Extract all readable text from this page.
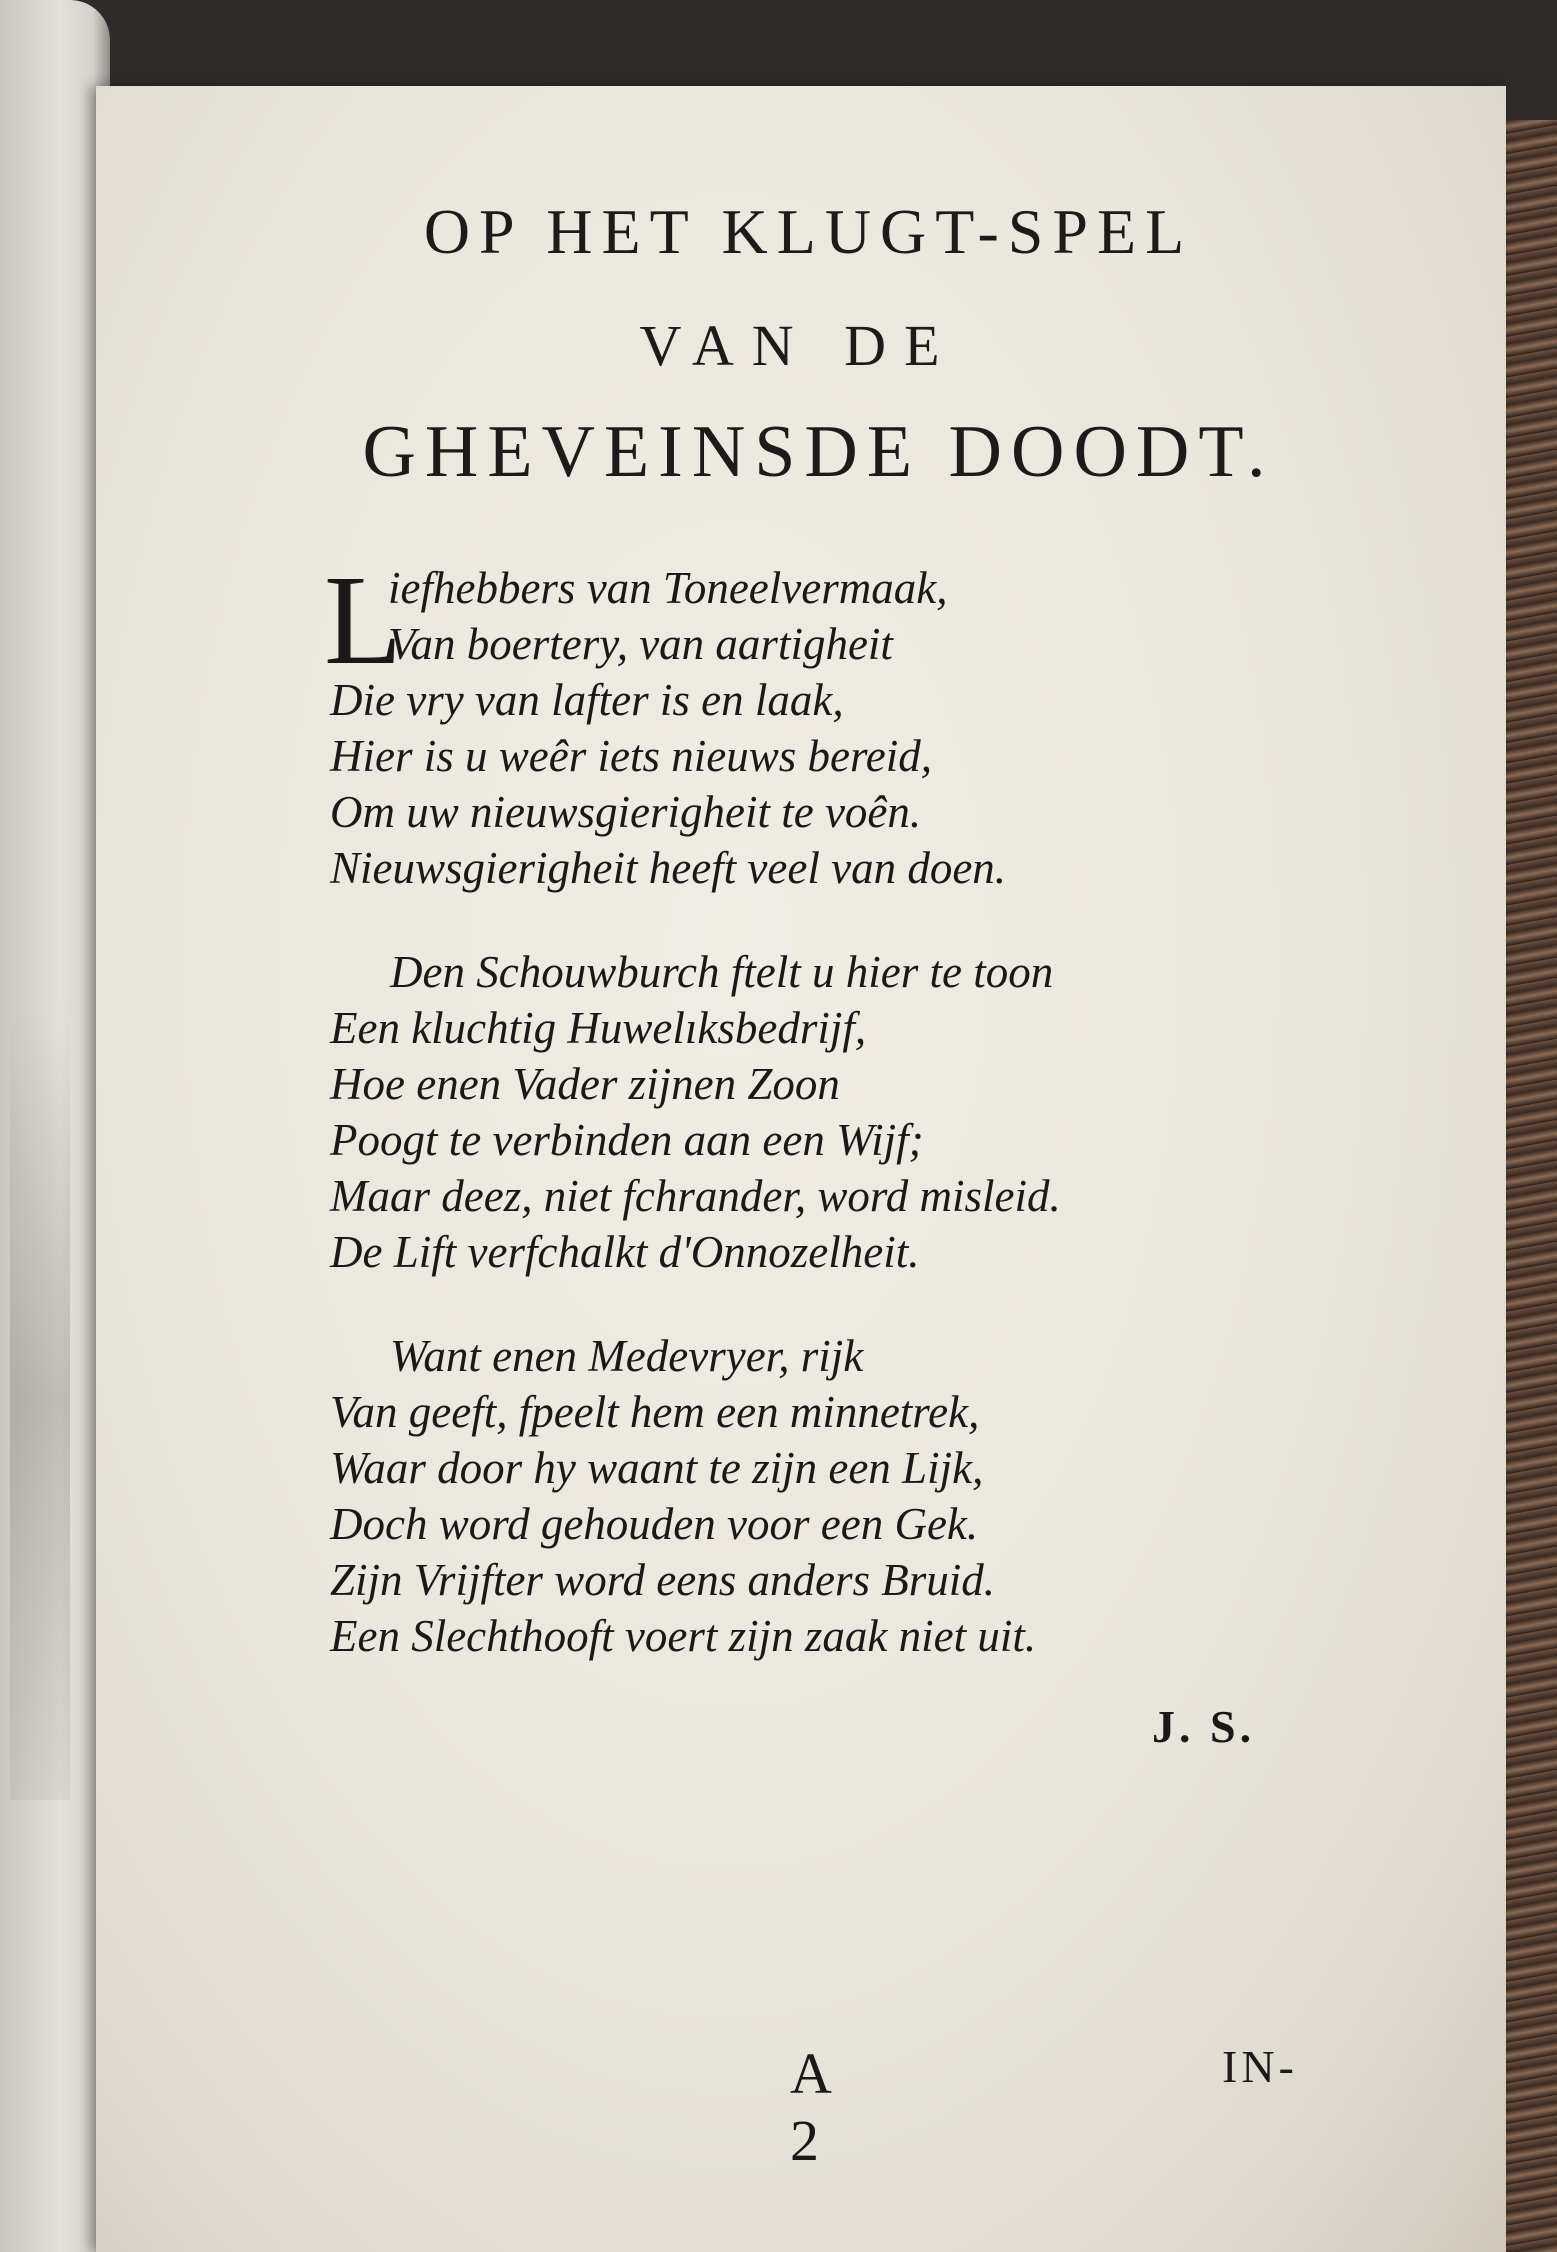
OP HET KLUGT-SPEL
VAN DE
GHEVEINSDE DOODT.
L
iefhebbers van Toneelvermaak,
Van boertery, van aartigheit
Die vry van lafter is en laak,
Hier is u weêr iets nieuws bereid,
Om uw nieuwsgierigheit te voên.
Nieuwsgierigheit heeft veel van doen.
Den Schouwburch ftelt u hier te toon
Een kluchtig Huwelıksbedrijf,
Hoe enen Vader zijnen Zoon
Poogt te verbinden aan een Wijf;
Maar deez, niet fchrander, word misleid.
De Lift verfchalkt d'Onnozelheit.
Want enen Medevryer, rijk
Van geeft, fpeelt hem een minnetrek,
Waar door hy waant te zijn een Lijk,
Doch word gehouden voor een Gek.
Zijn Vrijfter word eens anders Bruid.
Een Slechthooft voert zijn zaak niet uit.
J. S.
A 2
IN-
